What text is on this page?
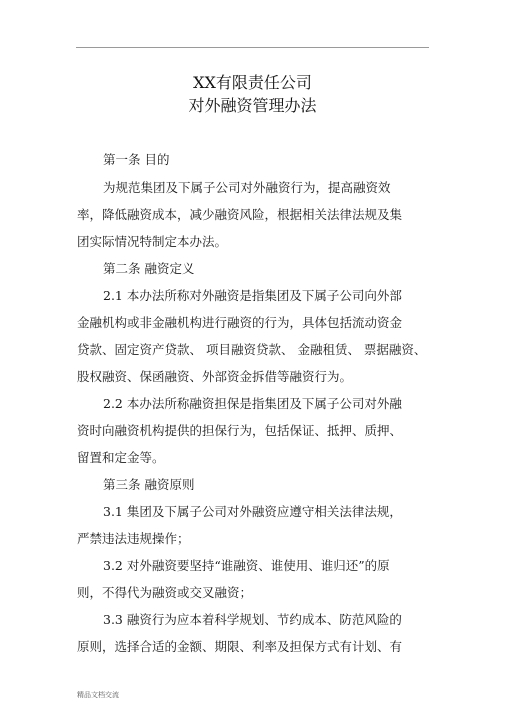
XX有限责任公司
对外融资管理办法
第一条 目的
为规范集团及下属子公司对外融资行为，提高融资效
率，降低融资成本，减少融资风险，根据相关法律法规及集
团实际情况特制定本办法。
第二条 融资定义
2.1 本办法所称对外融资是指集团及下属子公司向外部
金融机构或非金融机构进行融资的行为，具体包括流动资金
贷款、固定资产贷款、 项目融资贷款、 金融租赁、 票据融资、
股权融资、保函融资、外部资金拆借等融资行为。
2.2 本办法所称融资担保是指集团及下属子公司对外融
资时向融资机构提供的担保行为，包括保证、抵押、质押、
留置和定金等。
第三条 融资原则
3.1 集团及下属子公司对外融资应遵守相关法律法规，
严禁违法违规操作；
3.2 对外融资要坚持“谁融资、谁使用、谁归还”的原
则，不得代为融资或交叉融资；
3.3 融资行为应本着科学规划、节约成本、防范风险的
原则，选择合适的金额、期限、利率及担保方式有计划、有
精品文档交流
